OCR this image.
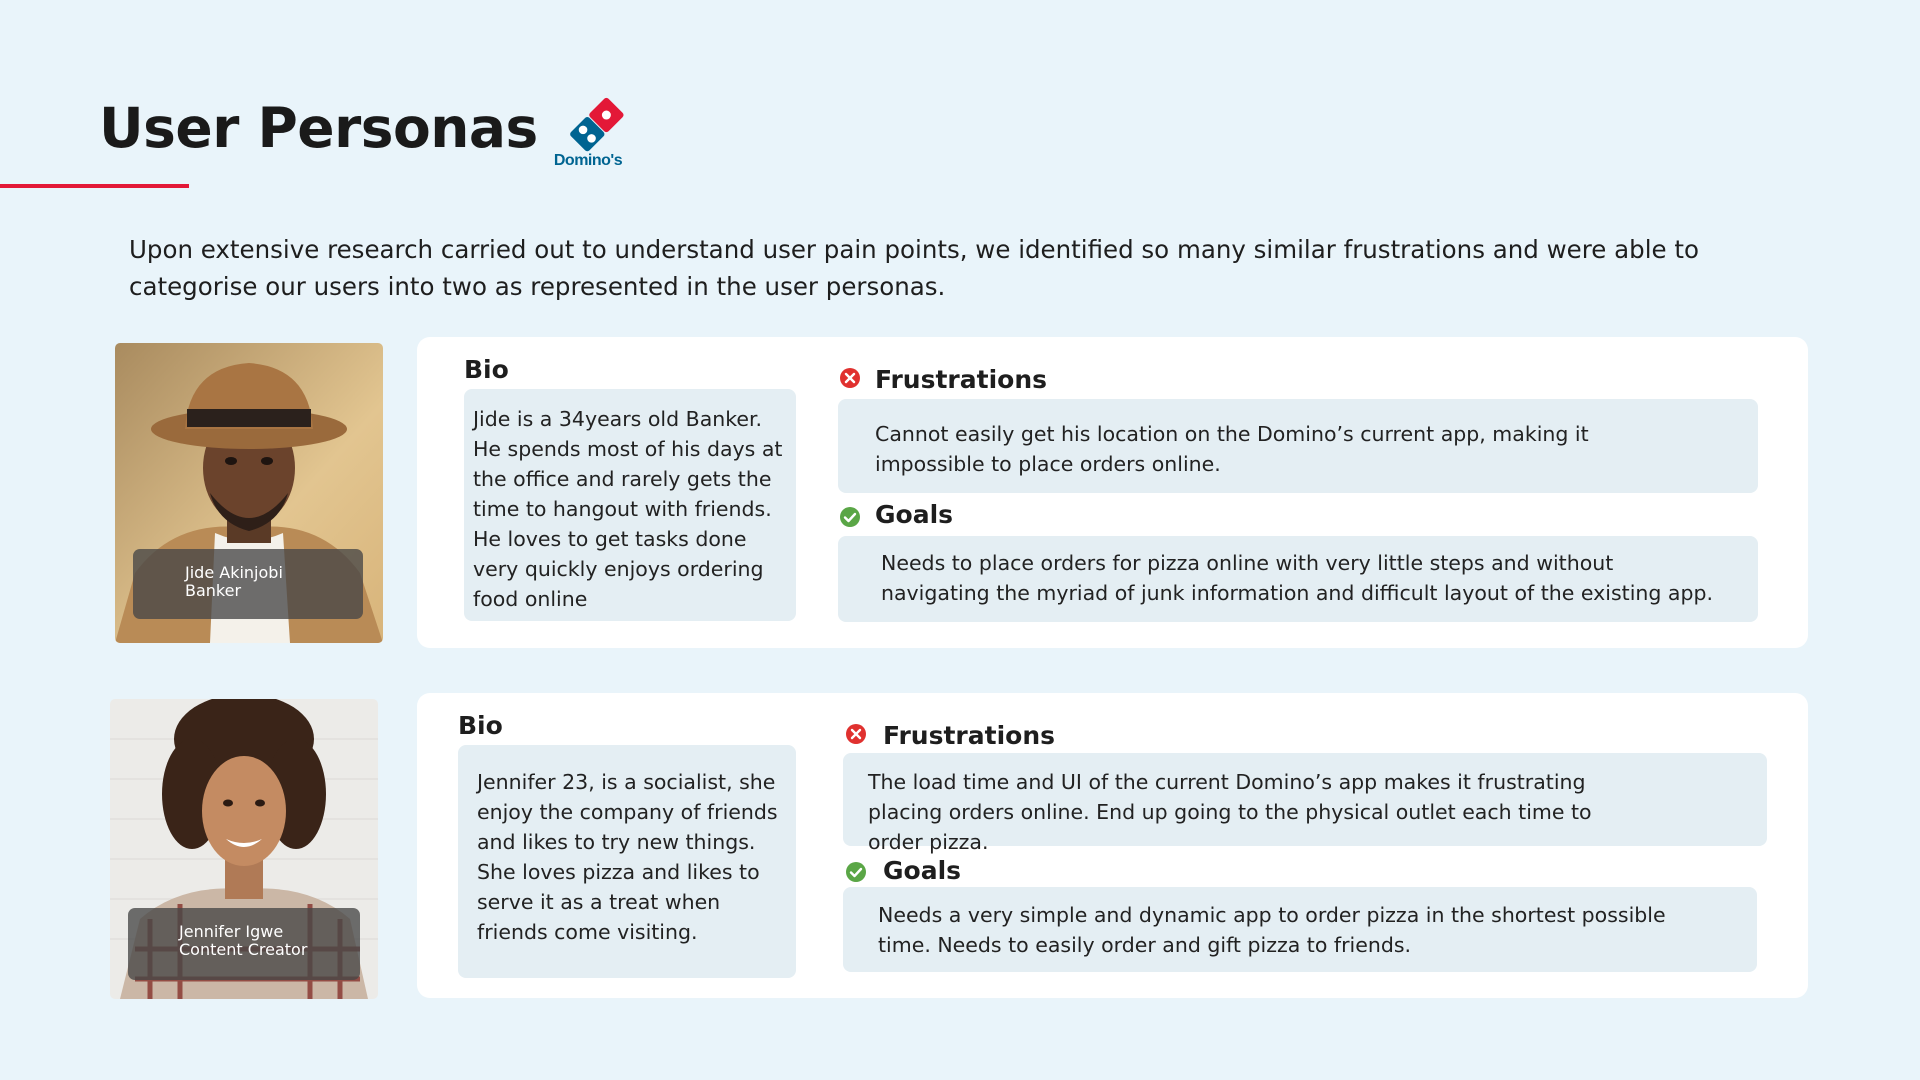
User Personas
Domino's

Upon extensive research carried out to understand user pain points, we identified so many similar frustrations and were able to categorise our users into two as represented in the user personas.

Jide Akinjobi
Banker
Bio
Jide is a 34years old Banker. He spends most of his days at the office and rarely gets the time to hangout with friends.
He loves to get tasks done very quickly enjoys ordering food online
Frustrations
Cannot easily get his location on the Domino’s current app, making it impossible to place orders online.
Goals
Needs to place orders for pizza online with very little steps and without navigating the myriad of junk information and difficult layout of the existing app.
Jennifer Igwe
Content Creator
Bio
Jennifer 23, is a socialist, she enjoy the company of friends and likes to try new things.
She loves pizza and likes to serve it as a treat when friends come visiting.
Frustrations
The load time and UI of the current Domino’s app makes it frustrating placing orders online. End up going to the physical outlet each time to order pizza.
Goals
Needs a very simple and dynamic app to order pizza in the shortest possible time. Needs to easily order and gift pizza to friends.
